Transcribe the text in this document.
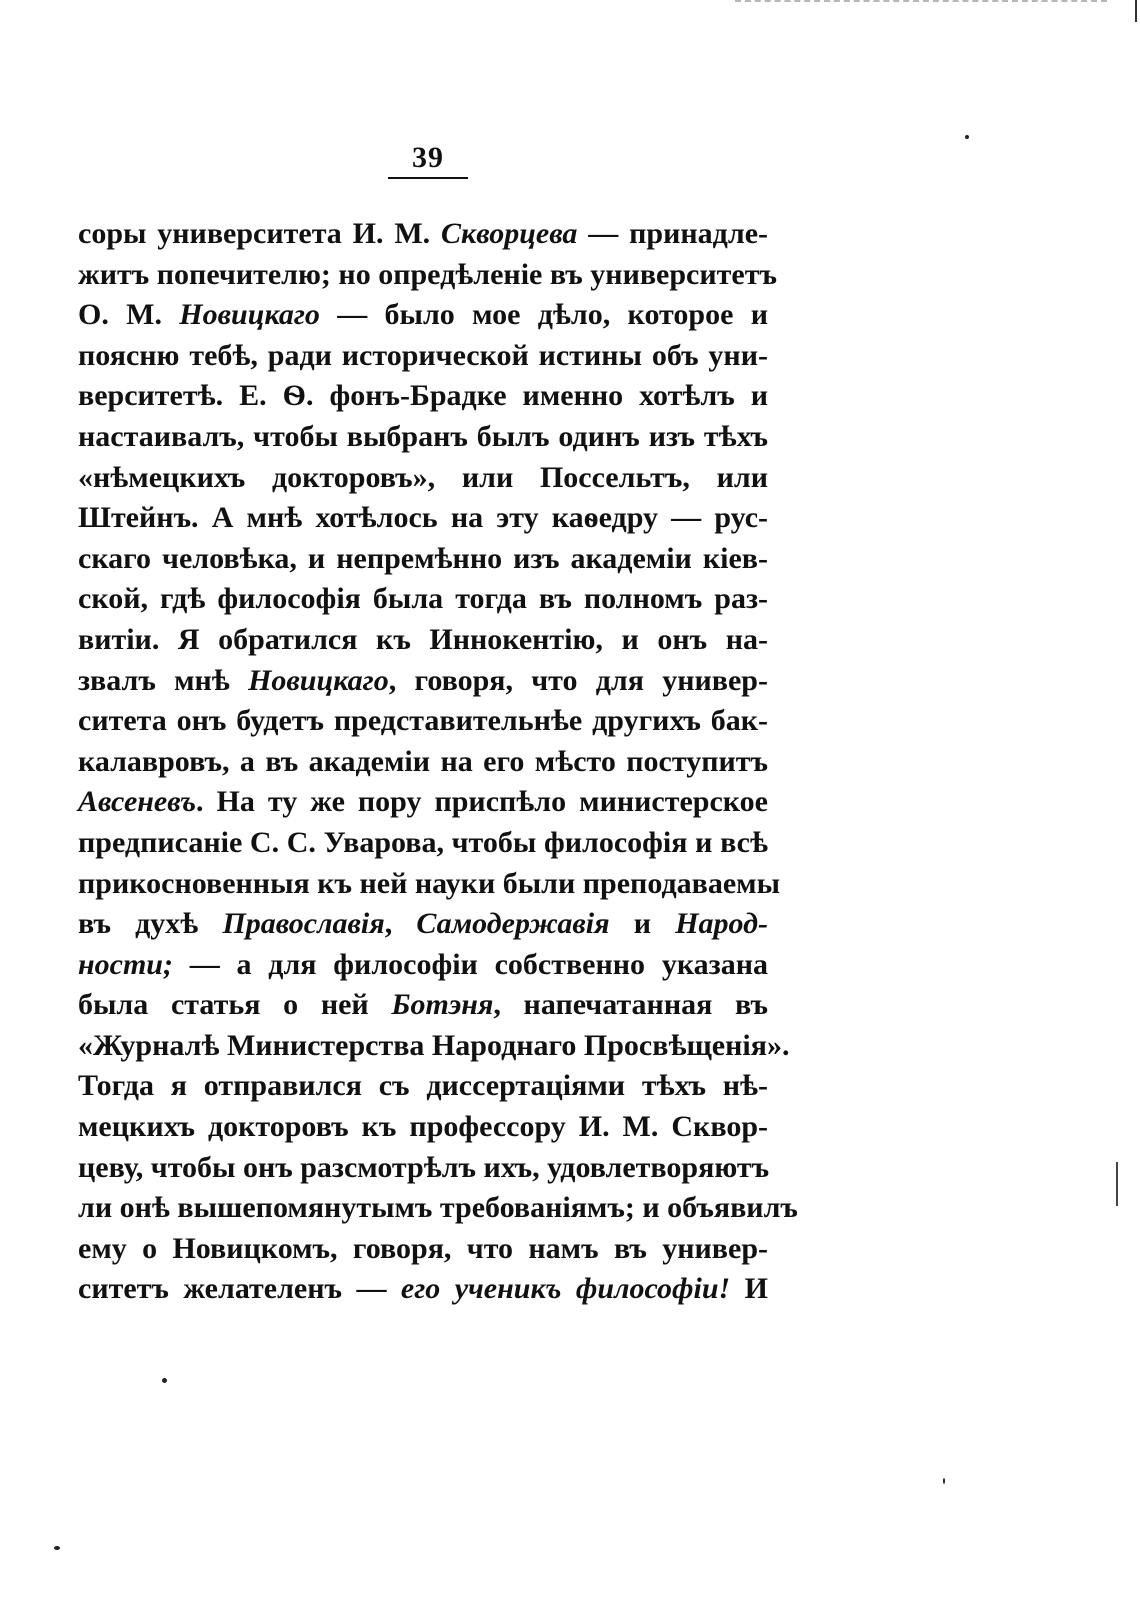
39
соры университета И. М. Скворцева — принадле-
житъ попечителю; но опредѣленіе въ университетъ
О. М. Новицкаго — было мое дѣло, которое и
поясню тебѣ, ради исторической истины объ уни-
верситетѣ. Е. Ѳ. фонъ-Брадке именно хотѣлъ и
настаивалъ, чтобы выбранъ былъ одинъ изъ тѣхъ
«нѣмецкихъ докторовъ», или Поссельтъ, или
Штейнъ. А мнѣ хотѣлось на эту каѳедру — рус-
скаго человѣка, и непремѣнно изъ академіи кіев-
ской, гдѣ философія была тогда въ полномъ раз-
витіи. Я обратился къ Иннокентію, и онъ на-
звалъ мнѣ Новицкаго, говоря, что для универ-
ситета онъ будетъ представительнѣе другихъ бак-
калавровъ, а въ академіи на его мѣсто поступитъ
Авсеневъ. На ту же пору приспѣло министерское
предписаніе С. С. Уварова, чтобы философія и всѣ
прикосновенныя къ ней науки были преподаваемы
въ духѣ Православія, Самодержавія и Народ-
ности; — а для философіи собственно указана
была статья о ней Ботэня, напечатанная въ
«Журналѣ Министерства Народнаго Просвѣщенія».
Тогда я отправился съ диссертаціями тѣхъ нѣ-
мецкихъ докторовъ къ профессору И. М. Сквор-
цеву, чтобы онъ разсмотрѣлъ ихъ, удовлетворяютъ
ли онѣ вышепомянутымъ требованіямъ; и объявилъ
ему о Новицкомъ, говоря, что намъ въ универ-
ситетъ желателенъ — его ученикъ философіи! И
